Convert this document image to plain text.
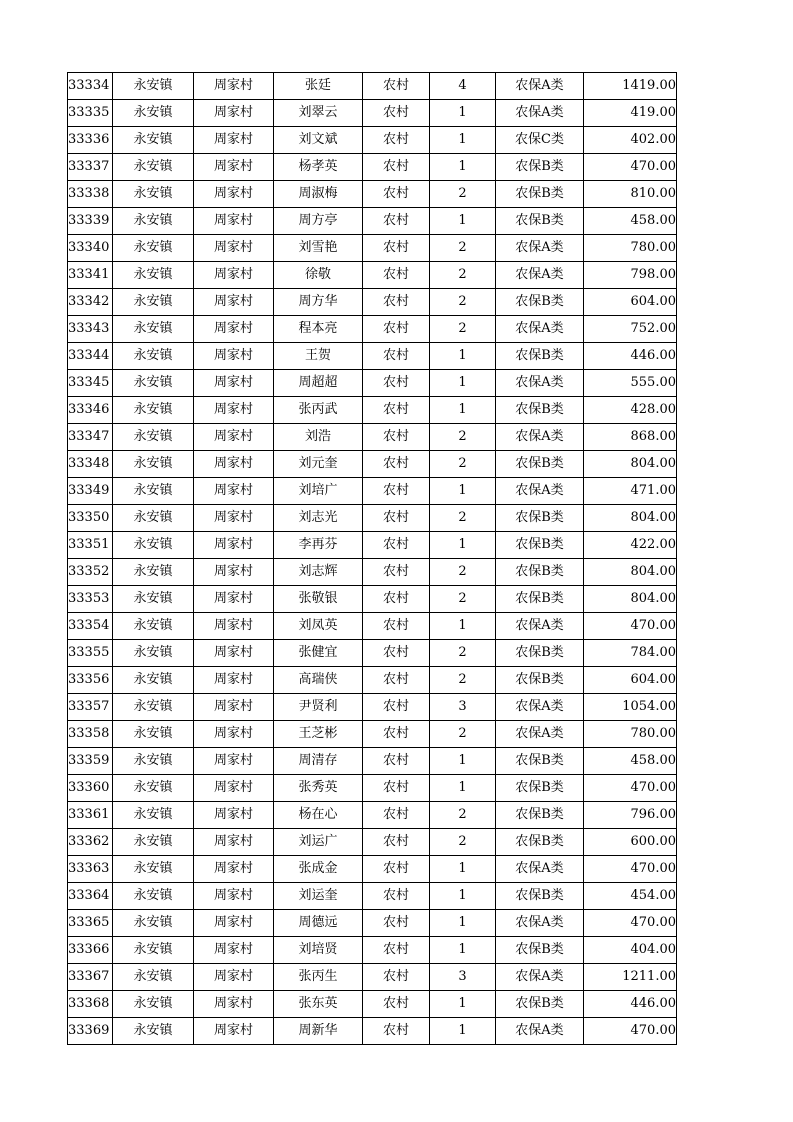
33334	永安镇	周家村	张廷	农村	4	农保A类	1419.00
33335	永安镇	周家村	刘翠云	农村	1	农保A类	419.00
33336	永安镇	周家村	刘文斌	农村	1	农保C类	402.00
33337	永安镇	周家村	杨孝英	农村	1	农保B类	470.00
33338	永安镇	周家村	周淑梅	农村	2	农保B类	810.00
33339	永安镇	周家村	周方亭	农村	1	农保B类	458.00
33340	永安镇	周家村	刘雪艳	农村	2	农保A类	780.00
33341	永安镇	周家村	徐敬	农村	2	农保A类	798.00
33342	永安镇	周家村	周方华	农村	2	农保B类	604.00
33343	永安镇	周家村	程本亮	农村	2	农保A类	752.00
33344	永安镇	周家村	王贺	农村	1	农保B类	446.00
33345	永安镇	周家村	周超超	农村	1	农保A类	555.00
33346	永安镇	周家村	张丙武	农村	1	农保B类	428.00
33347	永安镇	周家村	刘浩	农村	2	农保A类	868.00
33348	永安镇	周家村	刘元奎	农村	2	农保B类	804.00
33349	永安镇	周家村	刘培广	农村	1	农保A类	471.00
33350	永安镇	周家村	刘志光	农村	2	农保B类	804.00
33351	永安镇	周家村	李再芬	农村	1	农保B类	422.00
33352	永安镇	周家村	刘志辉	农村	2	农保B类	804.00
33353	永安镇	周家村	张敬银	农村	2	农保B类	804.00
33354	永安镇	周家村	刘凤英	农村	1	农保A类	470.00
33355	永安镇	周家村	张健宜	农村	2	农保B类	784.00
33356	永安镇	周家村	高瑞侠	农村	2	农保B类	604.00
33357	永安镇	周家村	尹贤利	农村	3	农保A类	1054.00
33358	永安镇	周家村	王芝彬	农村	2	农保A类	780.00
33359	永安镇	周家村	周清存	农村	1	农保B类	458.00
33360	永安镇	周家村	张秀英	农村	1	农保B类	470.00
33361	永安镇	周家村	杨在心	农村	2	农保B类	796.00
33362	永安镇	周家村	刘运广	农村	2	农保B类	600.00
33363	永安镇	周家村	张成金	农村	1	农保A类	470.00
33364	永安镇	周家村	刘运奎	农村	1	农保B类	454.00
33365	永安镇	周家村	周德远	农村	1	农保A类	470.00
33366	永安镇	周家村	刘培贤	农村	1	农保B类	404.00
33367	永安镇	周家村	张丙生	农村	3	农保A类	1211.00
33368	永安镇	周家村	张东英	农村	1	农保B类	446.00
33369	永安镇	周家村	周新华	农村	1	农保A类	470.00
